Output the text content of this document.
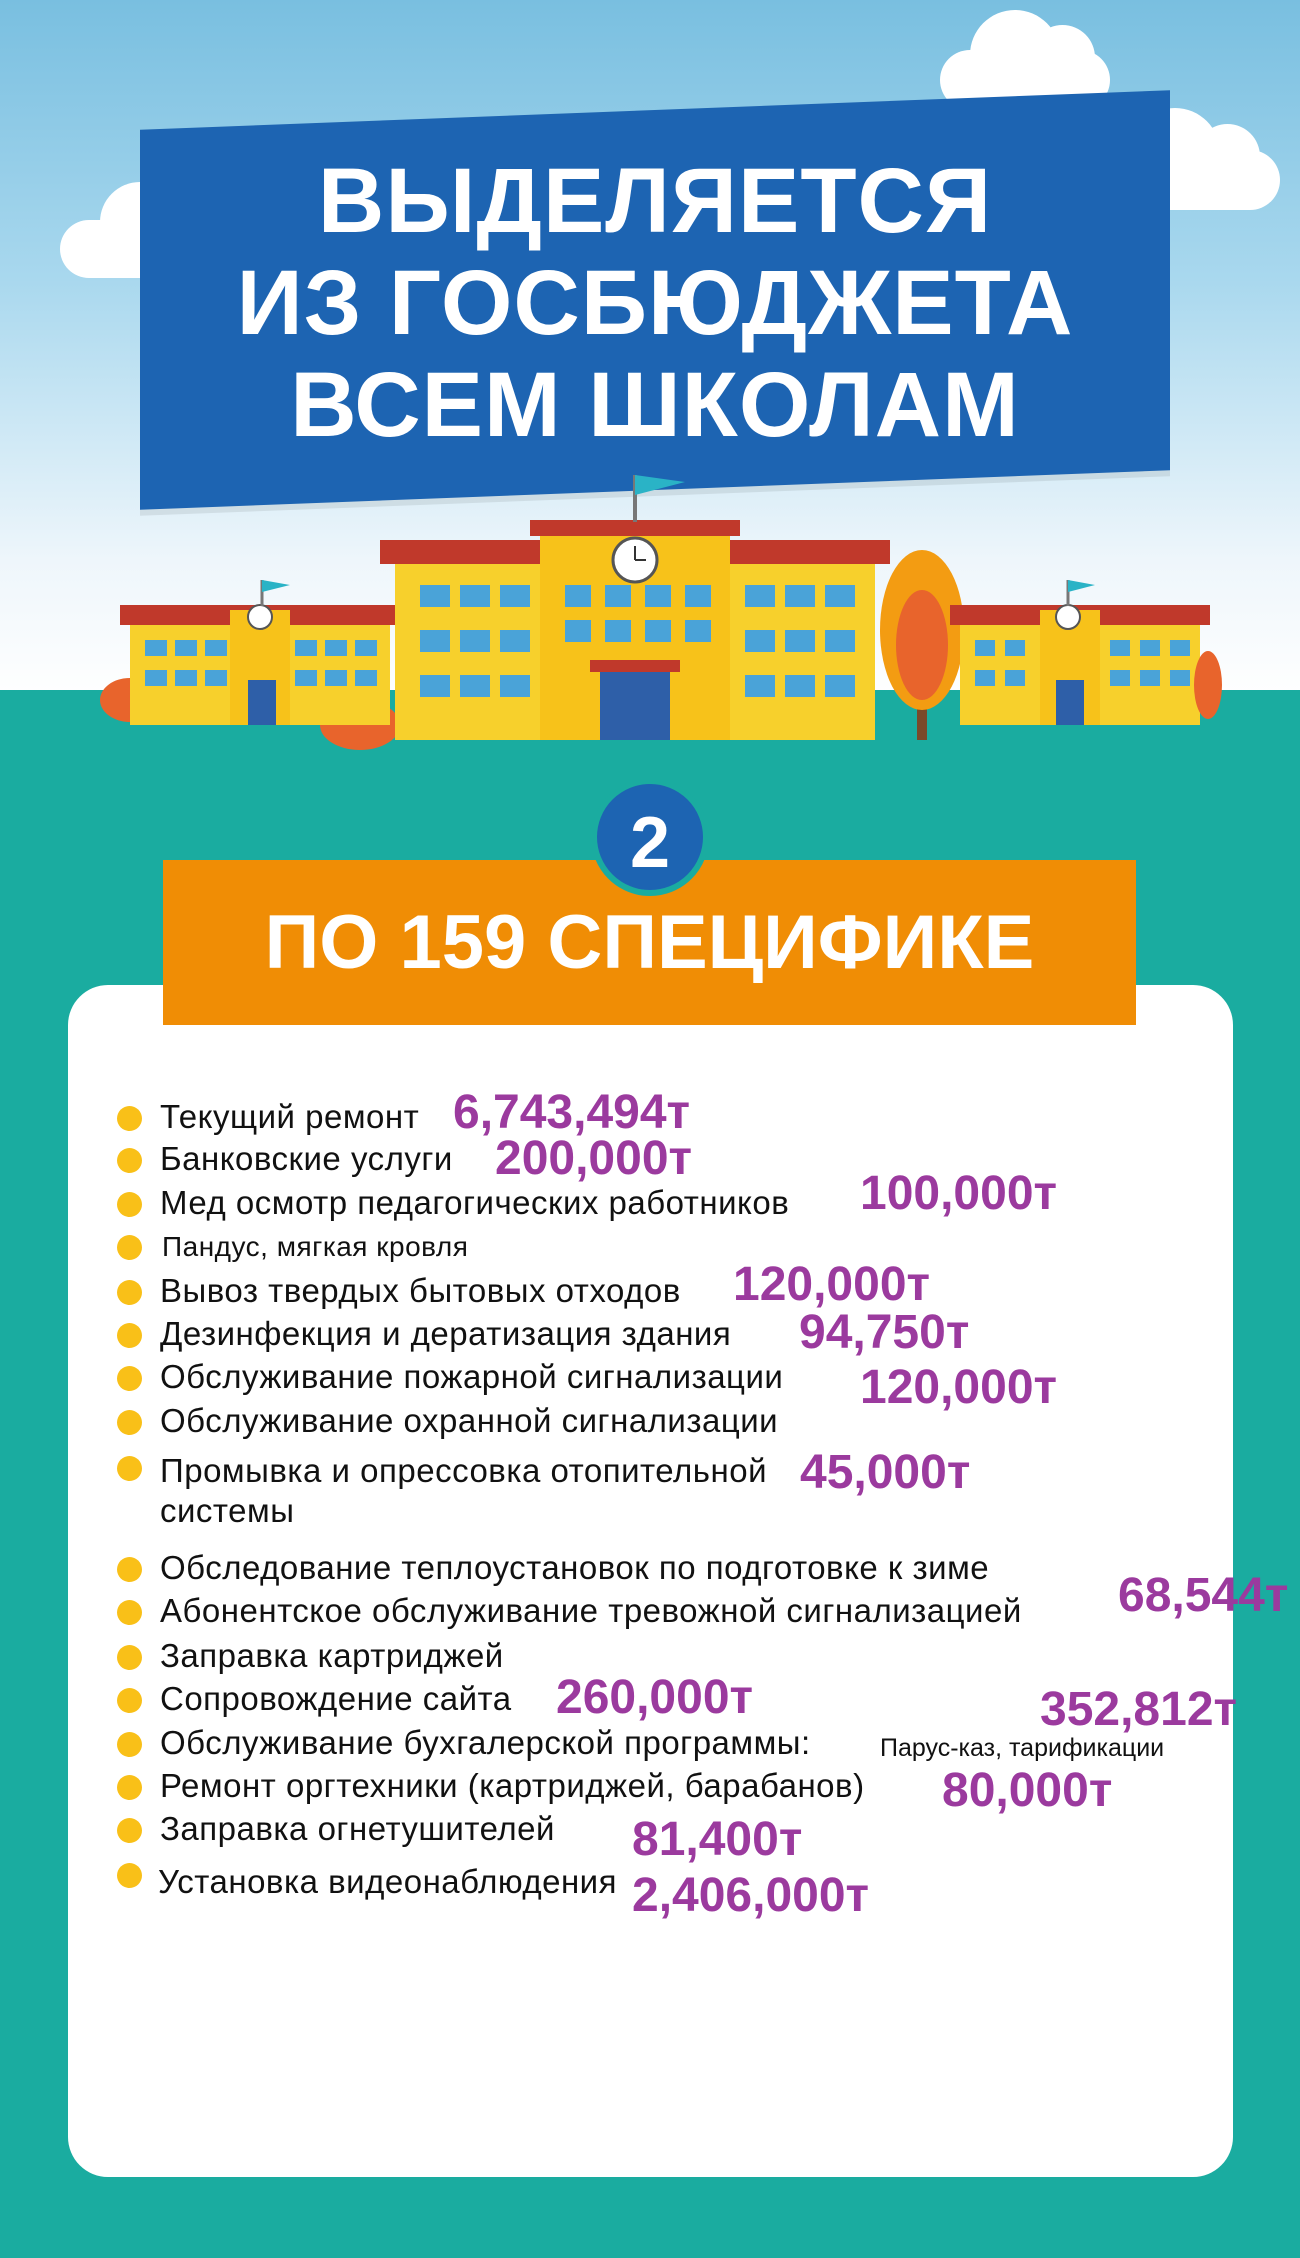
ВЫДЕЛЯЕТСЯ
ИЗ ГОСБЮДЖЕТА
ВСЕМ ШКОЛАМ
ПО 159 СПЕЦИФИКЕ
2
Текущий ремонт 6,743,494т
Банковские услуги 200,000т
Мед осмотр педагогических работников 100,000т
Пандус, мягкая кровля
Вывоз твердых бытовых отходов 120,000т
Дезинфекция и дератизация здания 94,750т
Обслуживание пожарной сигнализации 120,000т
Обслуживание охранной сигнализации
Промывка и опрессовка отопительной
системы
45,000т
Обследование теплоустановок по подготовке к зиме
Абонентское обслуживание тревожной сигнализацией 68,544т
Заправка картриджей
Сопровождение сайта 260,000т
Обслуживание бухгалерской программы:	Парус-каз, тарификации
352,812т
Ремонт оргтехники (картриджей, барабанов) 80,000т
Заправка огнетушителей 81,400т
Установка видеонаблюдения 2,406,000т
